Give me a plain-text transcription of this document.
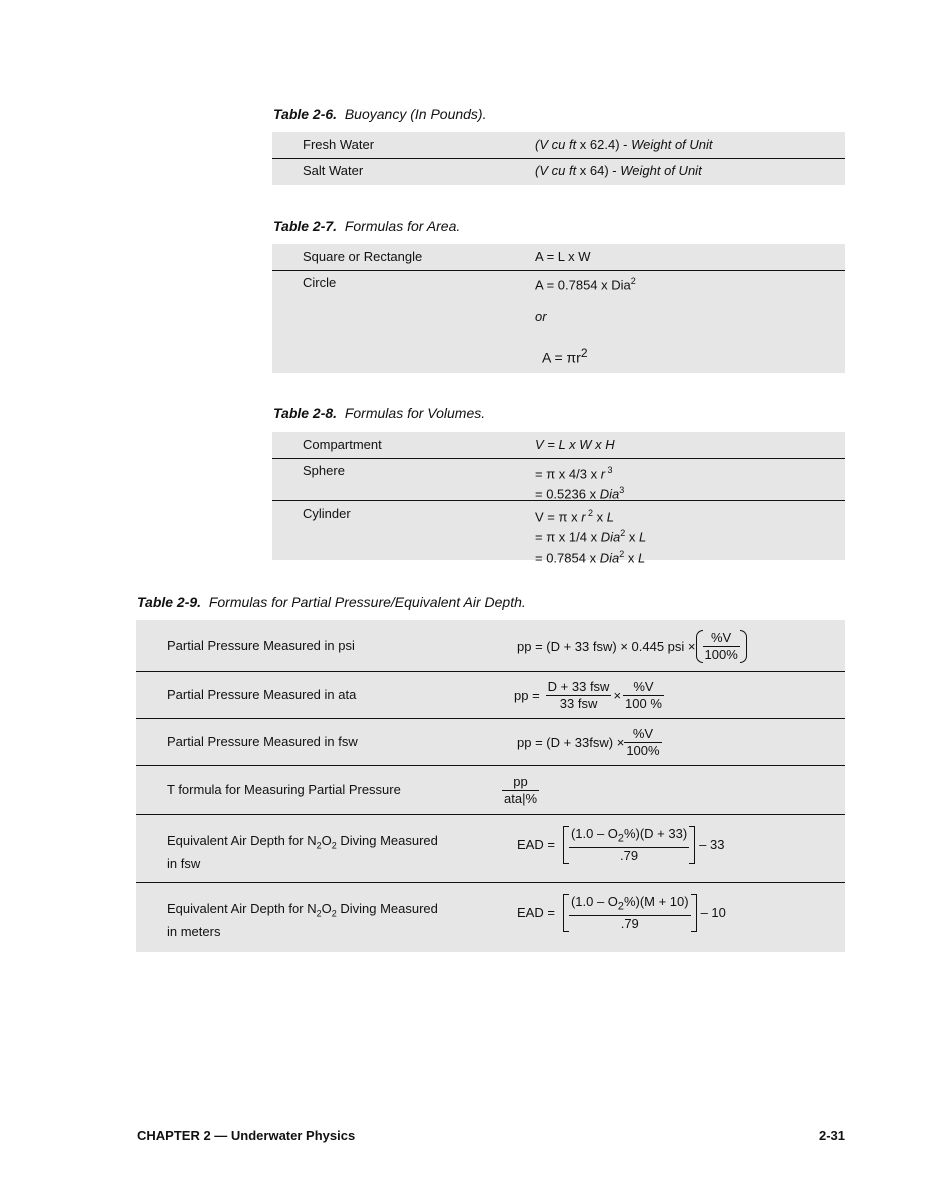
Table 2-6. Buoyancy (In Pounds).
Fresh Water	(V cu ft x 62.4) - Weight of Unit
Salt Water	(V cu ft x 64) - Weight of Unit
Table 2-7. Formulas for Area.
Square or Rectangle	A = L x W
Circle	A = 0.7854 x Dia$^2$
or
$A = \pi r^2$
Table 2-8. Formulas for Volumes.
Compartment	V = L x W x H
Sphere	= π x 4/3 x r $^3$
= 0.5236 x Dia$^3$
Cylinder	V = π x r $^2$ x L
= π x 1/4 x Dia$^2$ x L
= 0.7854 x Dia$^2$ x L
Table 2-9. Formulas for Partial Pressure/Equivalent Air Depth.
Partial Pressure Measured in psi	pp = (D + 33 fsw) × 0.445 psi × $\frac{\%V}{100\%}$
Partial Pressure Measured in ata	pp = $\frac{\text{D + 33 fsw}}{\text{33 fsw}} \times \frac{\%V}{100 \%}$
Partial Pressure Measured in fsw	pp = $(D + 33fsw) \times \frac{\%V}{100\%}$
T formula for Measuring Partial Pressure	$\frac{pp}{\text{ata|\%}}$
Equivalent Air Depth for $N_2O_2$ Diving Measured
in fsw
EAD = $\frac{(1.0 - O_2\%)(D + 33)}{.79} - 33$
Equivalent Air Depth for $N_2O_2$ Diving Measured
in meters
EAD = $\frac{(1.0 - O_2\%)(M + 10)}{.79} - 10$
CHAPTER 2 — Underwater Physics	2-31
